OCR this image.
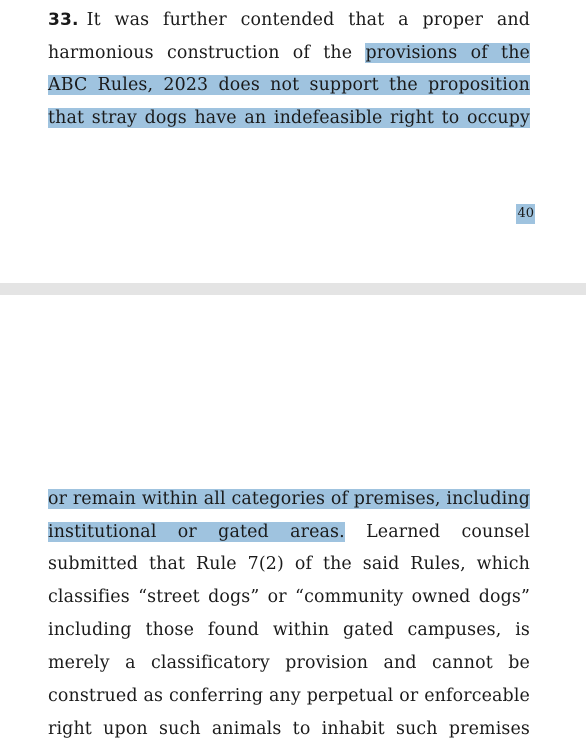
33. It was further contended that a proper and
harmonious construction of the provisions of the
ABC Rules, 2023 does not support the proposition
that stray dogs have an indefeasible right to occupy
40
or remain within all categories of premises, including
institutional or gated areas. Learned counsel
submitted that Rule 7(2) of the said Rules, which
classifies “street dogs” or “community owned dogs”
including those found within gated campuses, is
merely a classificatory provision and cannot be
construed as conferring any perpetual or enforceable
right upon such animals to inhabit such premises
